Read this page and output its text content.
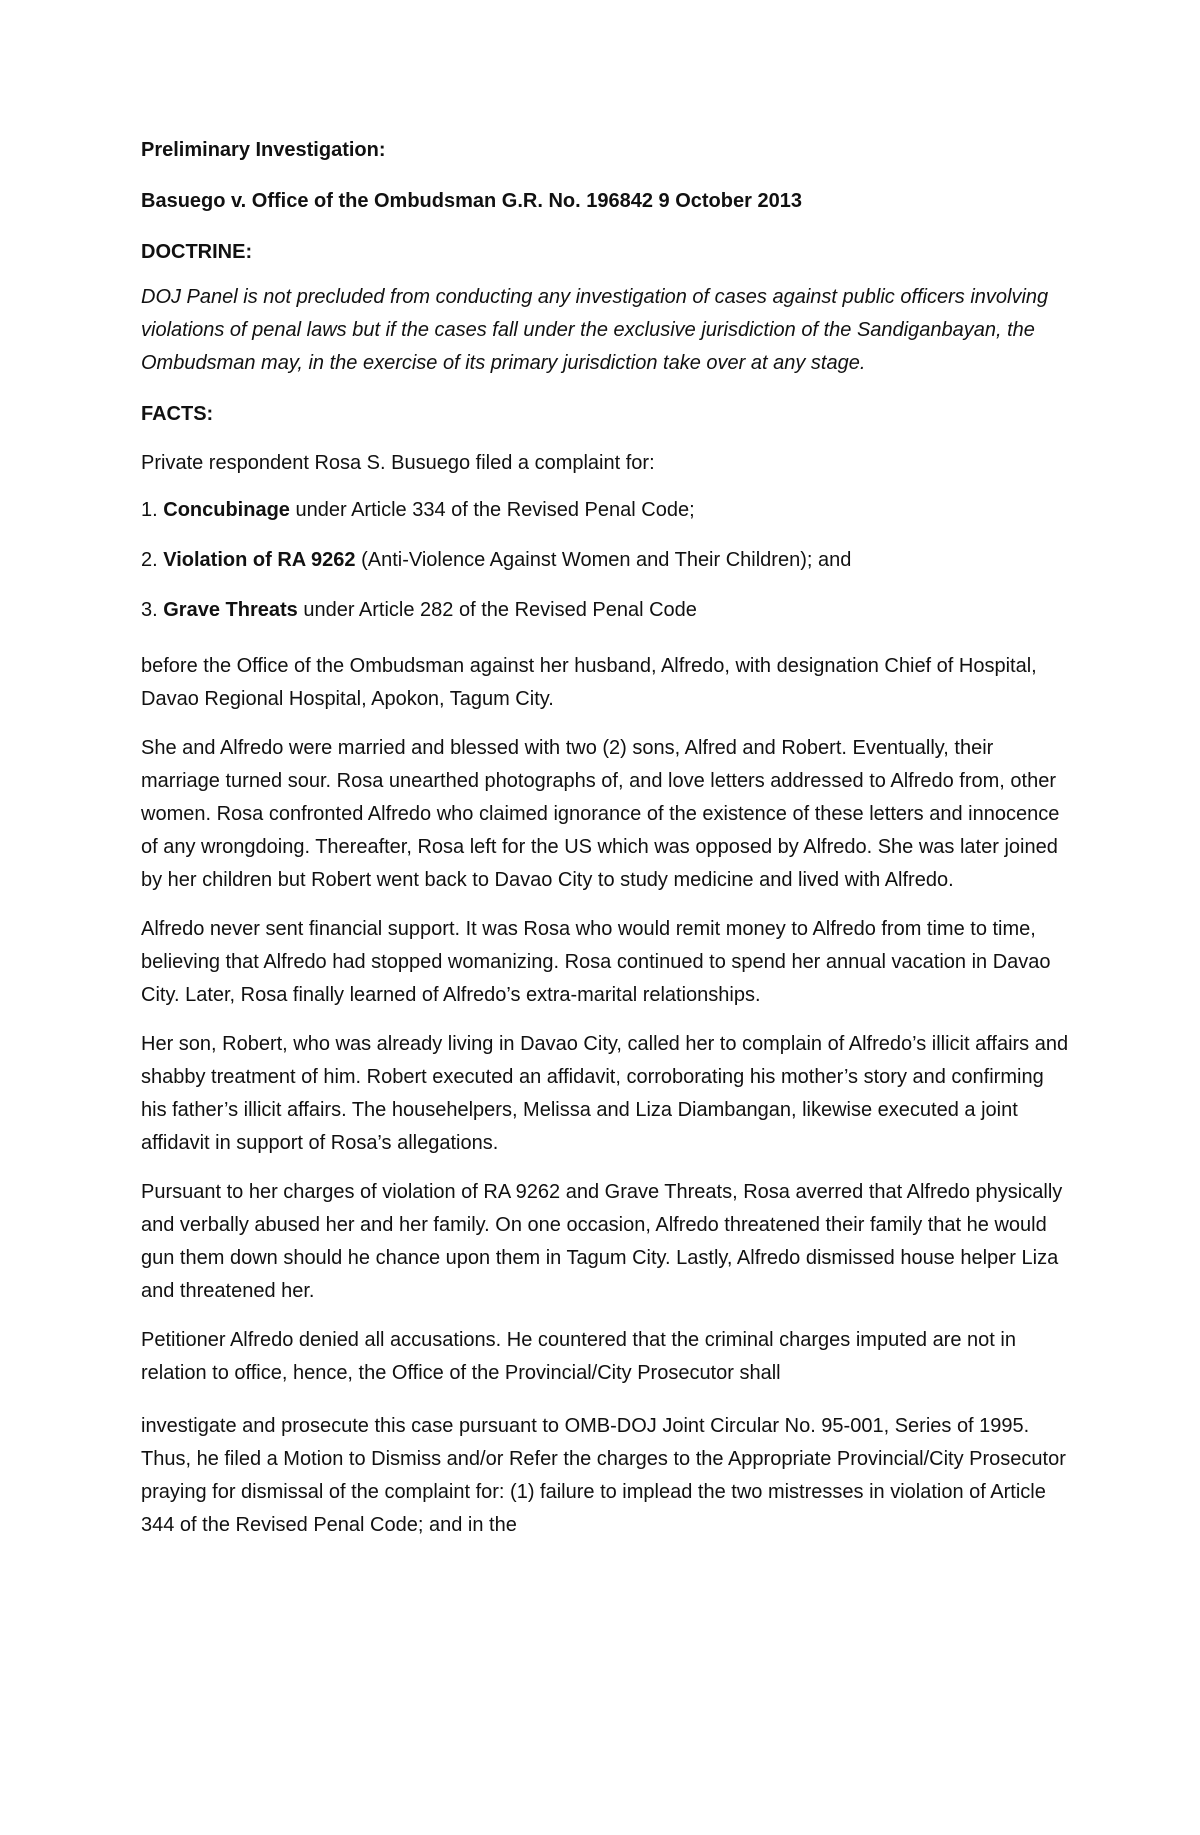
Preliminary Investigation:

Basuego v. Office of the Ombudsman G.R. No. 196842 9 October 2013

DOCTRINE:

DOJ Panel is not precluded from conducting any investigation of cases against public officers involving violations of penal laws but if the cases fall under the exclusive jurisdiction of the Sandiganbayan, the Ombudsman may, in the exercise of its primary jurisdiction take over at any stage.

FACTS:

Private respondent Rosa S. Busuego filed a complaint for:

1. Concubinage under Article 334 of the Revised Penal Code;

2. Violation of RA 9262 (Anti-Violence Against Women and Their Children); and

3. Grave Threats under Article 282 of the Revised Penal Code

before the Office of the Ombudsman against her husband, Alfredo, with designation Chief of Hospital, Davao Regional Hospital, Apokon, Tagum City.

She and Alfredo were married and blessed with two (2) sons, Alfred and Robert. Eventually, their marriage turned sour. Rosa unearthed photographs of, and love letters addressed to Alfredo from, other women. Rosa confronted Alfredo who claimed ignorance of the existence of these letters and innocence of any wrongdoing. Thereafter, Rosa left for the US which was opposed by Alfredo. She was later joined by her children but Robert went back to Davao City to study medicine and lived with Alfredo.

Alfredo never sent financial support. It was Rosa who would remit money to Alfredo from time to time, believing that Alfredo had stopped womanizing. Rosa continued to spend her annual vacation in Davao City. Later, Rosa finally learned of Alfredo’s extra-marital relationships.

Her son, Robert, who was already living in Davao City, called her to complain of Alfredo’s illicit affairs and shabby treatment of him. Robert executed an affidavit, corroborating his mother’s story and confirming his father’s illicit affairs. The househelpers, Melissa and Liza Diambangan, likewise executed a joint affidavit in support of Rosa’s allegations.

Pursuant to her charges of violation of RA 9262 and Grave Threats, Rosa averred that Alfredo physically and verbally abused her and her family. On one occasion, Alfredo threatened their family that he would gun them down should he chance upon them in Tagum City. Lastly, Alfredo dismissed house helper Liza and threatened her.

Petitioner Alfredo denied all accusations. He countered that the criminal charges imputed are not in relation to office, hence, the Office of the Provincial/City Prosecutor shall

investigate and prosecute this case pursuant to OMB-DOJ Joint Circular No. 95-001, Series of 1995. Thus, he filed a Motion to Dismiss and/or Refer the charges to the Appropriate Provincial/City Prosecutor praying for dismissal of the complaint for: (1) failure to implead the two mistresses in violation of Article 344 of the Revised Penal Code; and in the
